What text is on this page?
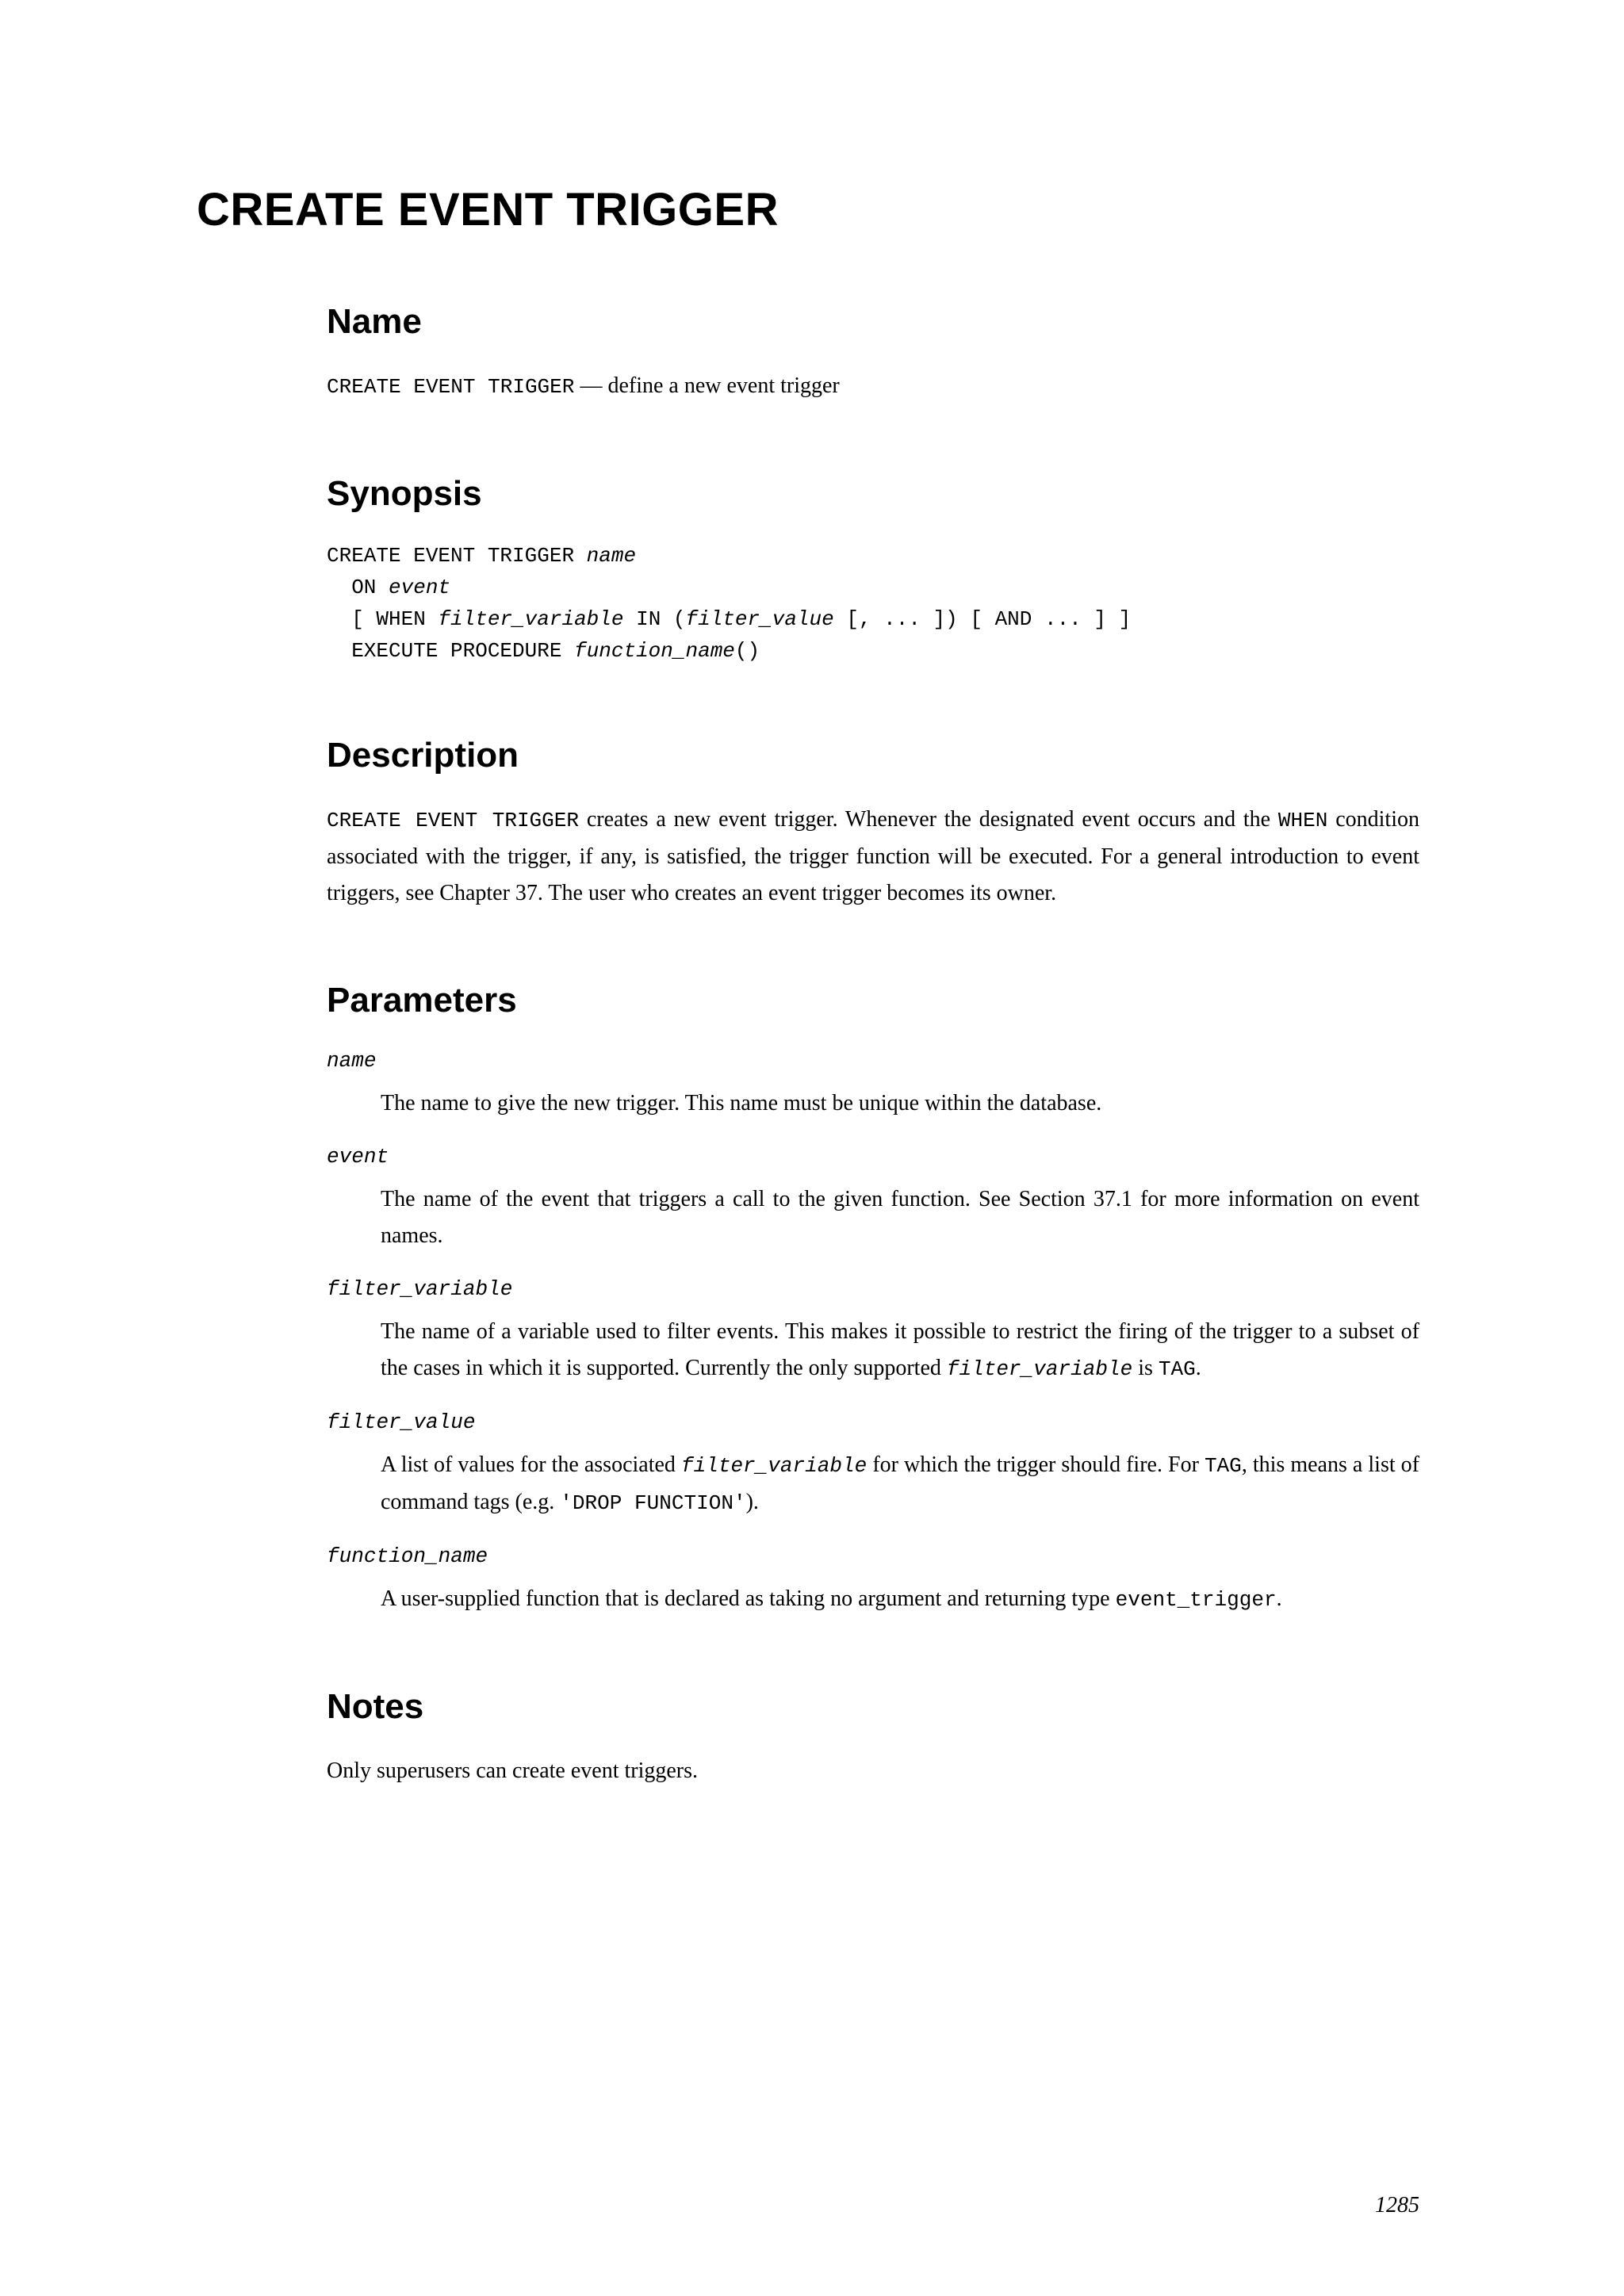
CREATE EVENT TRIGGER
Name

CREATE EVENT TRIGGER — define a new event trigger

Synopsis
CREATE EVENT TRIGGER name
ON event
[ WHEN filter_variable IN (filter_value [, ... ]) [ AND ... ] ]
EXECUTE PROCEDURE function_name()
Description

CREATE EVENT TRIGGER creates a new event trigger. Whenever the designated event occurs and the WHEN condition associated with the trigger, if any, is satisfied, the trigger function will be executed. For a general introduction to event triggers, see Chapter 37. The user who creates an event trigger becomes its owner.

Parameters
name
The name to give the new trigger. This name must be unique within the database.
event
The name of the event that triggers a call to the given function. See Section 37.1 for more information on event names.
filter_variable
The name of a variable used to filter events. This makes it possible to restrict the firing of the trigger to a subset of the cases in which it is supported. Currently the only supported filter_variable is TAG.
filter_value
A list of values for the associated filter_variable for which the trigger should fire. For TAG, this means a list of command tags (e.g. 'DROP FUNCTION').
function_name
A user-supplied function that is declared as taking no argument and returning type event_trigger.
Notes

Only superusers can create event triggers.

1285
